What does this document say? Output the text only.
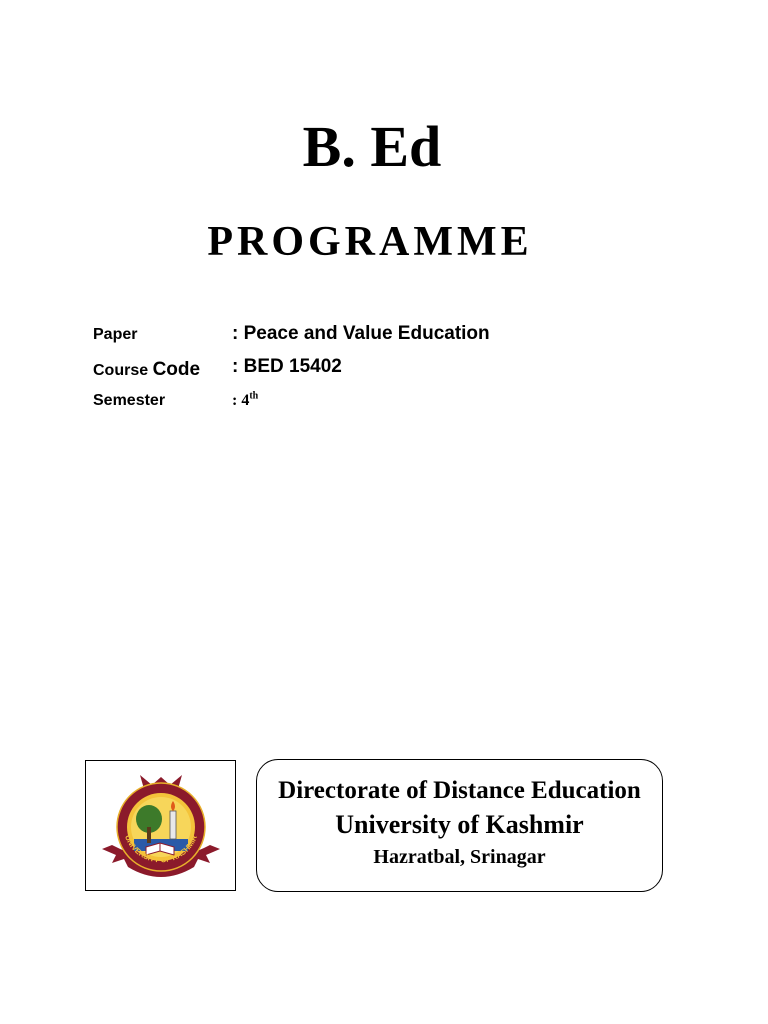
B. Ed
PROGRAMME
Paper	: Peace and Value Education
Course Code : BED 15402
Semester	: 4th
UNIVERSITY OF KASHMIR
Directorate of Distance Education
University of Kashmir
Hazratbal, Srinagar
